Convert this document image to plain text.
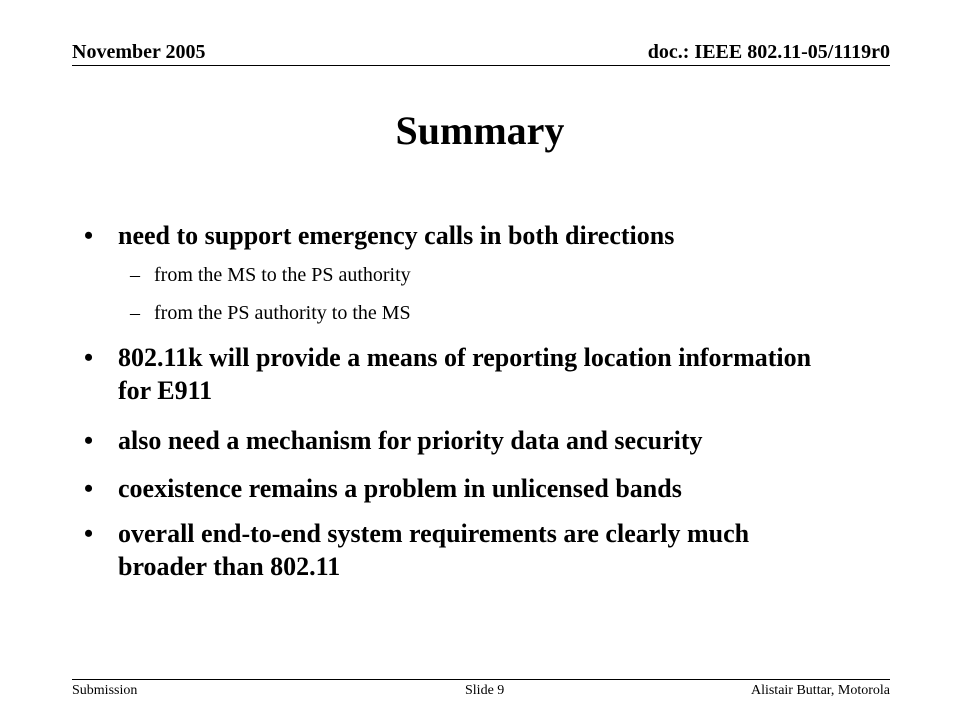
November 2005	doc.: IEEE 802.11-05/1119r0
Summary
• need to support emergency calls in both directions
– from the MS to the PS authority
– from the PS authority to the MS
• 802.11k will provide a means of reporting location information for E911
• also need a mechanism for priority data and security
• coexistence remains a problem in unlicensed bands
• overall end-to-end system requirements are clearly much broader than 802.11
Submission	Slide 9	Alistair Buttar, Motorola
